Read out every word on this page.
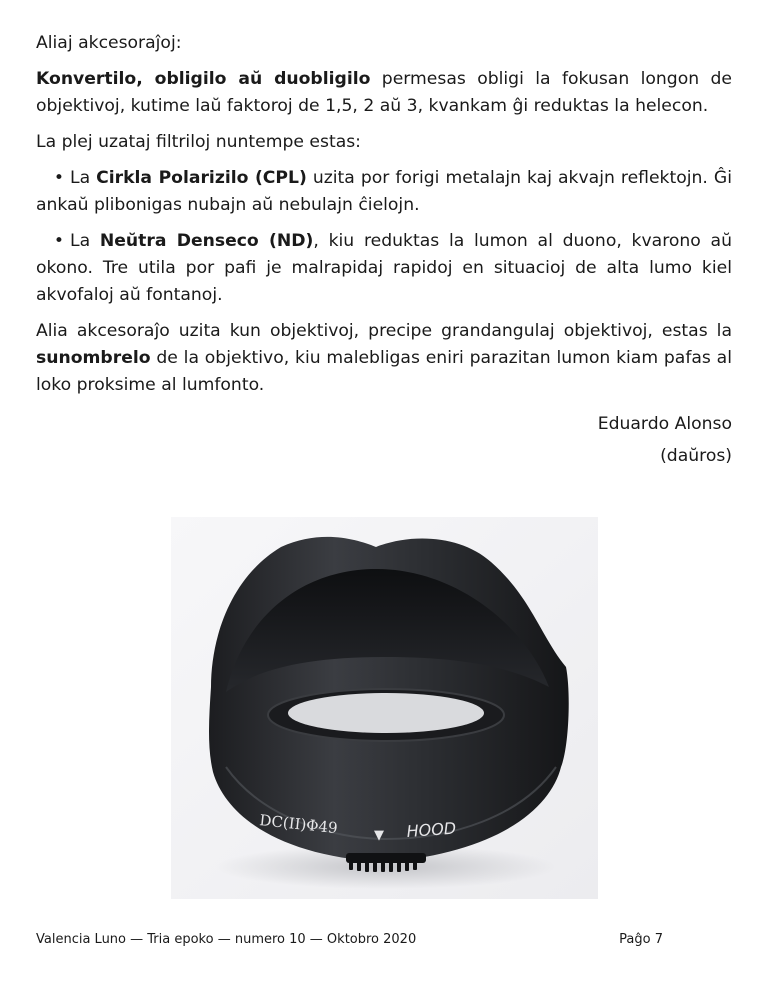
Aliaj akcesoraĵoj:

Konvertilo, obligilo aŭ duobligilo permesas obligi la fokusan longon de objektivoj, kutime laŭ faktoroj de 1,5, 2 aŭ 3, kvankam ĝi reduktas la helecon.

La plej uzataj filtriloj nuntempe estas:

• La Cirkla Polarizilo (CPL) uzita por forigi metalajn kaj akvajn reflektojn. Ĝi ankaŭ plibonigas nubajn aŭ nebulajn ĉielojn.
• La Neŭtra Denseco (ND), kiu reduktas la lumon al duono, kvarono aŭ okono. Tre utila por pafi je malrapidaj rapidoj en situacioj de alta lumo kiel akvofaloj aŭ fontanoj.

Alia akcesoraĵo uzita kun objektivoj, precipe grandangulaj objektivoj, estas la sunombrelo de la objektivo, kiu malebligas eniri parazitan lumon kiam pafas al loko proksime al lumfonto.

Eduardo Alonso

(daŭros)

DC(II)Φ49	▼ HOOD
Valencia Luno — Tria epoko — numero 10 — Oktobro 2020	Paĝo 7
